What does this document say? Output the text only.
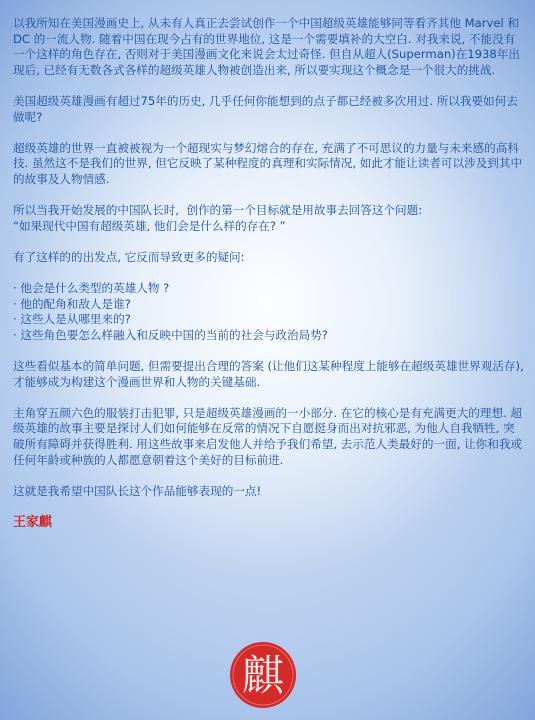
以我所知在美国漫画史上, 从未有人真正去尝试创作一个中国超级英雄能够同等看齐其他 Marvel 和 DC 的一流人物. 随着中国在现今占有的世界地位, 这是一个需要填补的大空白. 对我来说, 不能没有一个这样的角色存在, 否则对于美国漫画文化来说会太过奇怪. 但自从超人(Superman)在1938年出现后, 已经有无数各式各样的超级英雄人物被创造出来, 所以要实现这个概念是一个很大的挑战.

美国超级英雄漫画有超过75年的历史, 几乎任何你能想到的点子都已经被多次用过. 所以我要如何去做呢?

超级英雄的世界一直被被视为一个超现实与梦幻熔合的存在, 充满了不可思议的力量与未来感的高科技. 虽然这不是我们的世界, 但它反映了某种程度的真理和实际情况, 如此才能让读者可以涉及到其中的故事及人物情感.

所以当我开始发展的中国队长时,  创作的第一个目标就是用故事去回答这个问题:
“如果现代中国有超级英雄, 他们会是什么样的存在? ”

有了这样的的出发点, 它反而导致更多的疑问:

· 他会是什么类型的英雄人物 ?
· 他的配角和敌人是谁?
· 这些人是从哪里来的?
· 这些角色要怎么样融入和反映中国的当前的社会与政治局势?

这些看似基本的简单问题, 但需要提出合理的答案 (让他们这某种程度上能够在超级英雄世界观活存), 才能够成为构建这个漫画世界和人物的关键基础.

主角穿五颜六色的服装打击犯罪, 只是超级英雄漫画的一小部分. 在它的核心是有充满更大的理想. 超级英雄的故事主要是探讨人们如何能够在反常的情况下自愿挺身而出对抗邪恶, 为他人自我牺牲, 突破所有障碍并获得胜利. 用这些故事来启发他人并给予我们希望, 去示范人类最好的一面, 让你和我或任何年龄或种族的人都愿意朝着这个美好的目标前进.

这就是我希望中国队长这个作品能够表现的一点!

王家麒
麒
